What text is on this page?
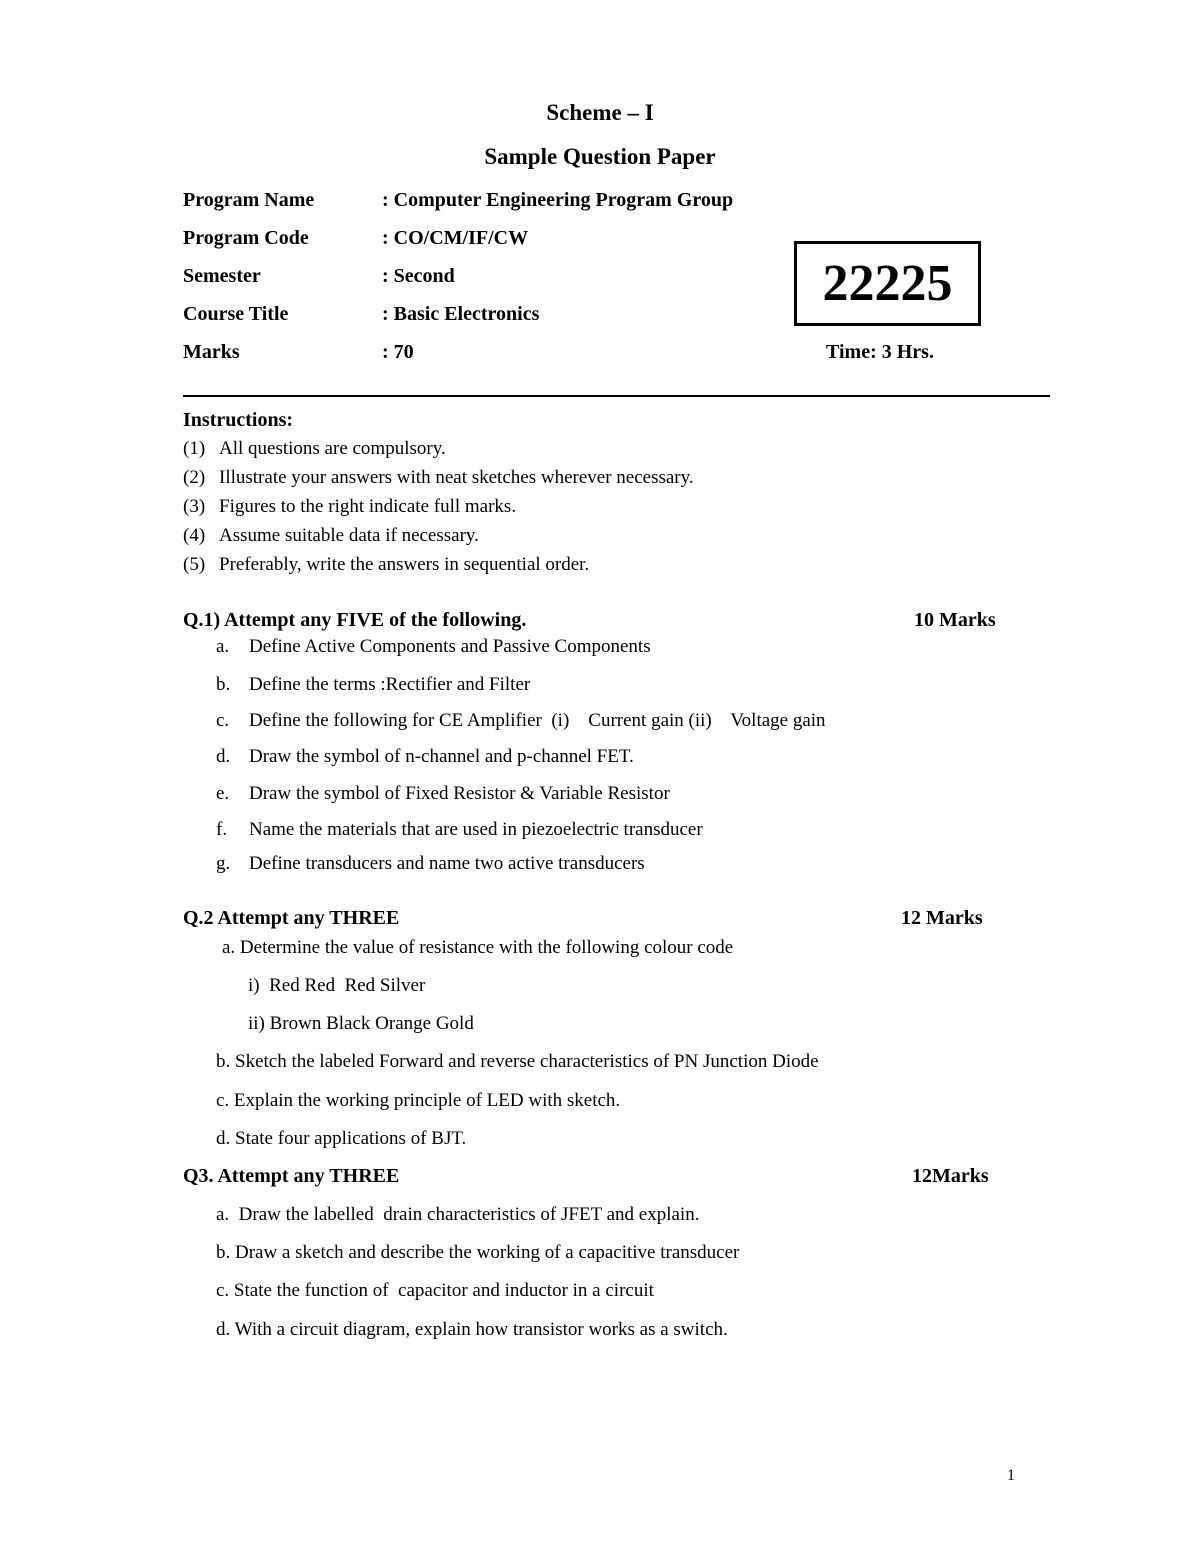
Scheme – I
Sample Question Paper
Program Name	: Computer Engineering Program Group
Program Code	: CO/CM/IF/CW
Semester	: Second
Course Title	: Basic Electronics
Marks	: 70	Time: 3 Hrs.
22225
Instructions:
(1) All questions are compulsory.
(2) Illustrate your answers with neat sketches wherever necessary.
(3) Figures to the right indicate full marks.
(4) Assume suitable data if necessary.
(5) Preferably, write the answers in sequential order.
Q.1) Attempt any FIVE of the following.	10 Marks
a. Define Active Components and Passive Components
b. Define the terms :Rectifier and Filter
c. Define the following for CE Amplifier  (i)    Current gain (ii)    Voltage gain
d. Draw the symbol of n-channel and p-channel FET.
e. Draw the symbol of Fixed Resistor & Variable Resistor
f. Name the materials that are used in piezoelectric transducer
g. Define transducers and name two active transducers
Q.2 Attempt any THREE	12 Marks
a. Determine the value of resistance with the following colour code
i)  Red Red  Red Silver
ii) Brown Black Orange Gold
b. Sketch the labeled Forward and reverse characteristics of PN Junction Diode
c. Explain the working principle of LED with sketch.
d. State four applications of BJT.
Q3. Attempt any THREE	12Marks
a.  Draw the labelled  drain characteristics of JFET and explain.
b. Draw a sketch and describe the working of a capacitive transducer
c. State the function of  capacitor and inductor in a circuit
d. With a circuit diagram, explain how transistor works as a switch.
1
